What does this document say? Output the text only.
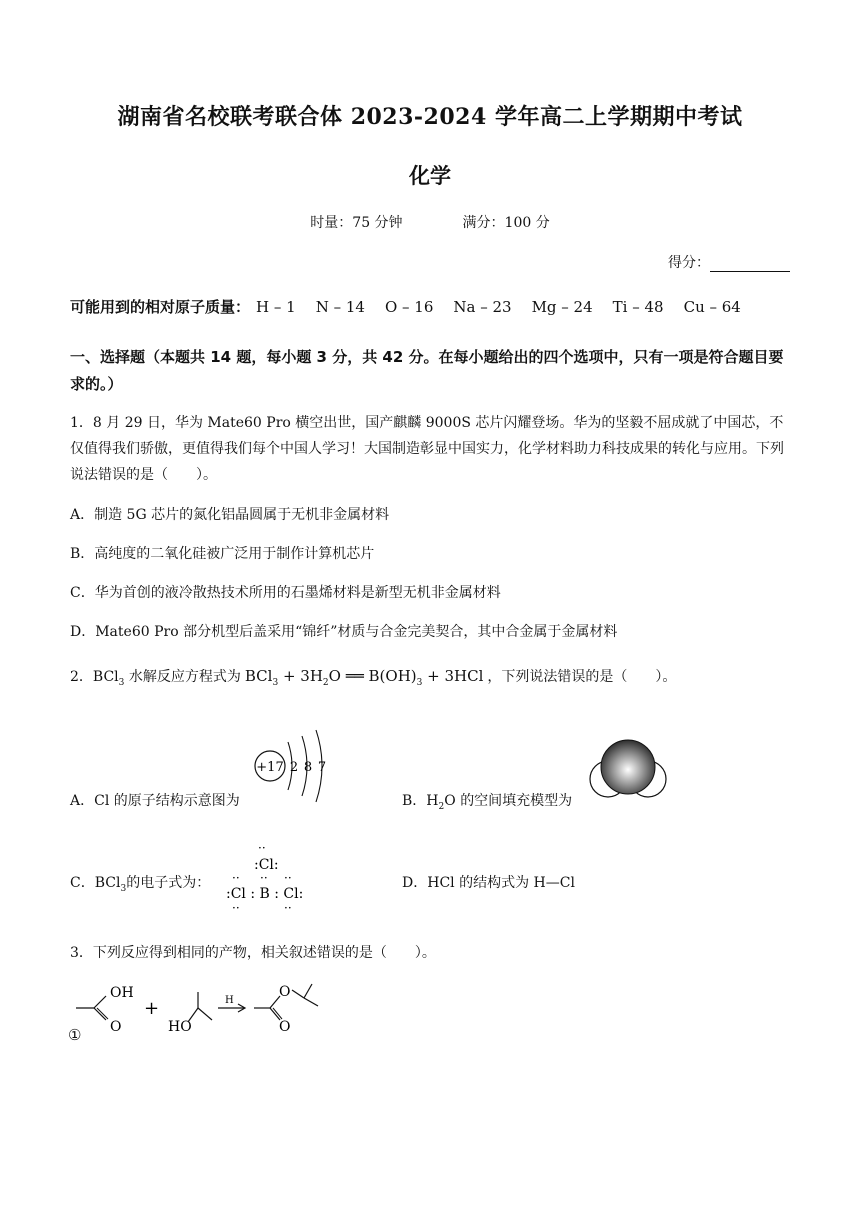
湖南省名校联考联合体 2023-2024 学年高二上学期期中考试
化学
时量：75 分钟	满分：100 分
得分：
可能用到的相对原子质量： H – 1 N – 14 O – 16 Na – 23 Mg – 24 Ti – 48 Cu – 64
一、选择题（本题共 14 题，每小题 3 分，共 42 分。在每小题给出的四个选项中，只有一项是符合题目要求的。）
1．8 月 29 日，华为 Mate60 Pro 横空出世，国产麒麟 9000S 芯片闪耀登场。华为的坚毅不屈成就了中国芯，不仅值得我们骄傲，更值得我们每个中国人学习！大国制造彰显中国实力，化学材料助力科技成果的转化与应用。下列说法错误的是（　　）。
A．制造 5G 芯片的氮化铝晶圆属于无机非金属材料
B．高纯度的二氧化硅被广泛用于制作计算机芯片
C．华为首创的液冷散热技术所用的石墨烯材料是新型无机非金属材料
D．Mate60 Pro 部分机型后盖采用“锦纤”材质与合金完美契合，其中合金属于金属材料
2．BCl$_3$ 水解反应方程式为 $BCl_3 + 3H_2O$ ══ $B(OH)_3 + 3HCl$ ，下列说法错误的是（　　）。
A．Cl 的原子结构示意图为
+17 2 8 7
B．$H_2O$ 的空间填充模型为
C．BCl$_3$的电子式为：
··
:Cl:
·· ·· ··
:Cl : B : Cl:
··	··
D．HCl 的结构式为 H—Cl
3．下列反应得到相同的产物，相关叙述错误的是（　　）。
OH
O
+
HO
H
O
O
①
